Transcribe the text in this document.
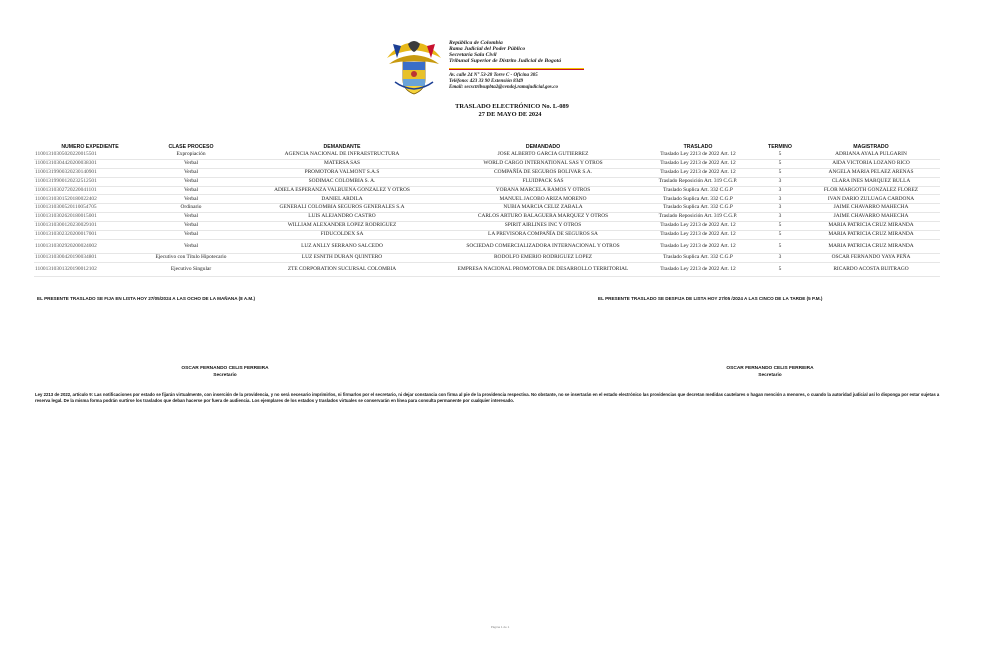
República de Colombia
Rama Judicial del Poder Público
Secretaría Sala Civil
Tribunal Superior de Distrito Judicial de Bogotá
Av. calle 24 N° 53-28 Torre C - Oficina 305
Teléfono: 423 33 90 Extensión 8349
Email: secsctribsupbta2@cendoj.ramajudicial.gov.co
TRASLADO ELECTRÓNICO No. L-089
27 DE MAYO DE 2024
NUMERO EXPEDIENTE	CLASE PROCESO	DEMANDANTE	DEMANDADO	TRASLADO	TERMINO	MAGISTRADO
11001310305020220015501	Expropiación	AGENCIA NACIONAL DE INFRAESTRUCTURA	JOSE ALBERTO GARCIA GUTIERREZ	Traslado Ley 2213 de 2022 Art. 12	5	ADRIANA AYALA PULGARIN
11001310304420200038301	Verbal	MATERSA SAS	WORLD CARGO INTERNATIONAL SAS Y OTROS	Traslado Ley 2213 de 2022 Art. 12	5	AIDA VICTORIA LOZANO RICO
11001319900320230140901	Verbal	PROMOTORA VALMONT S.A.S	COMPAÑÍA DE SEGUROS BOLIVAR S.A.	Traslado Ley 2213 de 2022 Art. 12	5	ANGELA MARIA PELAEZ ARENAS
11001319900120232512501	Verbal	SODIMAC COLOMBIA S. A.	FLUIDPACK SAS	Traslado Reposición Art. 319 C.G.P.	3	CLARA INES MARQUEZ BULLA
11001310302720220041101	Verbal	ADIELA ESPERANZA VALBUENA GONZALEZ Y OTROS	YOBANA MARCELA RAMOS Y OTROS	Traslado Suplica Art. 332 C.G.P	3	FLOR MARGOTH GONZALEZ FLOREZ
11001310301520180022402	Verbal	DANIEL ARDILA	MANUEL JACOBO ARIZA MORENO	Traslado Suplica Art. 332 C.G.P	3	IVAN DARIO ZULUAGA CARDONA
11001310300520110054705	Ordinario	GENERALI COLOMBIA SEGUROS GENERALES S.A	NUBIA MARCIA CELIZ ZABALA	Traslado Suplica Art. 332 C.G.P	3	JAIME CHAVARRO MAHECHA
11001310302620180015001	Verbal	LUIS ALEJANDRO CASTRO	CARLOS ARTURO BALAGUERA MARQUEZ Y OTROS	Traslado Reposición Art. 319 C.G.P.	3	JAIME CHAVARRO MAHECHA
11001310300120230029101	Verbal	WILLIAM ALEXANDER LOPEZ RODRIGUEZ	SPIRIT AIRLINES INC Y OTROS	Traslado Ley 2213 de 2022 Art. 12	5	MARIA PATRICIA CRUZ MIRANDA
11001310302320200017001	Verbal	FIDUCOLDEX SA	LA PREVISORA COMPAÑÍA DE SEGUROS SA	Traslado Ley 2213 de 2022 Art. 12	5	MARIA PATRICIA CRUZ MIRANDA
11001310302920200024002	Verbal	LUZ ANLLY SERRANO SALCEDO	SOCIEDAD COMERCIALIZADORA INTERNACIONAL Y OTROS	Traslado Ley 2213 de 2022 Art. 12	5	MARIA PATRICIA CRUZ MIRANDA
11001310300420190034801	Ejecutivo con Título Hipotecario	LUZ ESNITH DURAN QUINTERO	RODOLFO EMERIO RODRIGUEZ LOPEZ	Traslado Suplica Art. 332 C.G.P	3	OSCAR FERNANDO YAYA PEÑA
11001310301320190012102	Ejecutivo Singular	ZTE CORPORATION SUCURSAL COLOMBIA	EMPRESA NACIONAL PROMOTORA DE DESARROLLO TERRITORIAL	Traslado Ley 2213 de 2022 Art. 12	5	RICARDO ACOSTA BUITRAGO
EL PRESENTE TRASLADO SE FIJA EN LISTA HOY 27/05/2024 A LAS OCHO DE LA MAÑANA (8 A.M.)	EL PRESENTE TRASLADO SE DESFIJA DE LISTA HOY 27/05 /2024 A LAS CINCO DE LA TARDE (5 P.M.)
OSCAR FERNANDO CELIS FERREIRA
Secretario
OSCAR FERNANDO CELIS FERREIRA
Secretario
Ley 2213 de 2022, artículo 9: Las notificaciones por estado se fijarán virtualmente, con inserción de la providencia, y no será necesario imprimirlos, ni firmarlos por el secretario, ni dejar constancia con firma al pie de la providencia respectiva. No obstante, no se insertarán en el estado electrónico las providencias que decretan medidas cautelares o hagan mención a menores, o cuando la autoridad judicial así lo disponga por estar sujetas a reserva legal. De la misma forma podrán surtirse los traslados que deban hacerse por fuera de audiencia. Los ejemplares de los estados y traslados virtuales se conservarán en línea para consulta permanente por cualquier interesado.
Página 1 de 1
